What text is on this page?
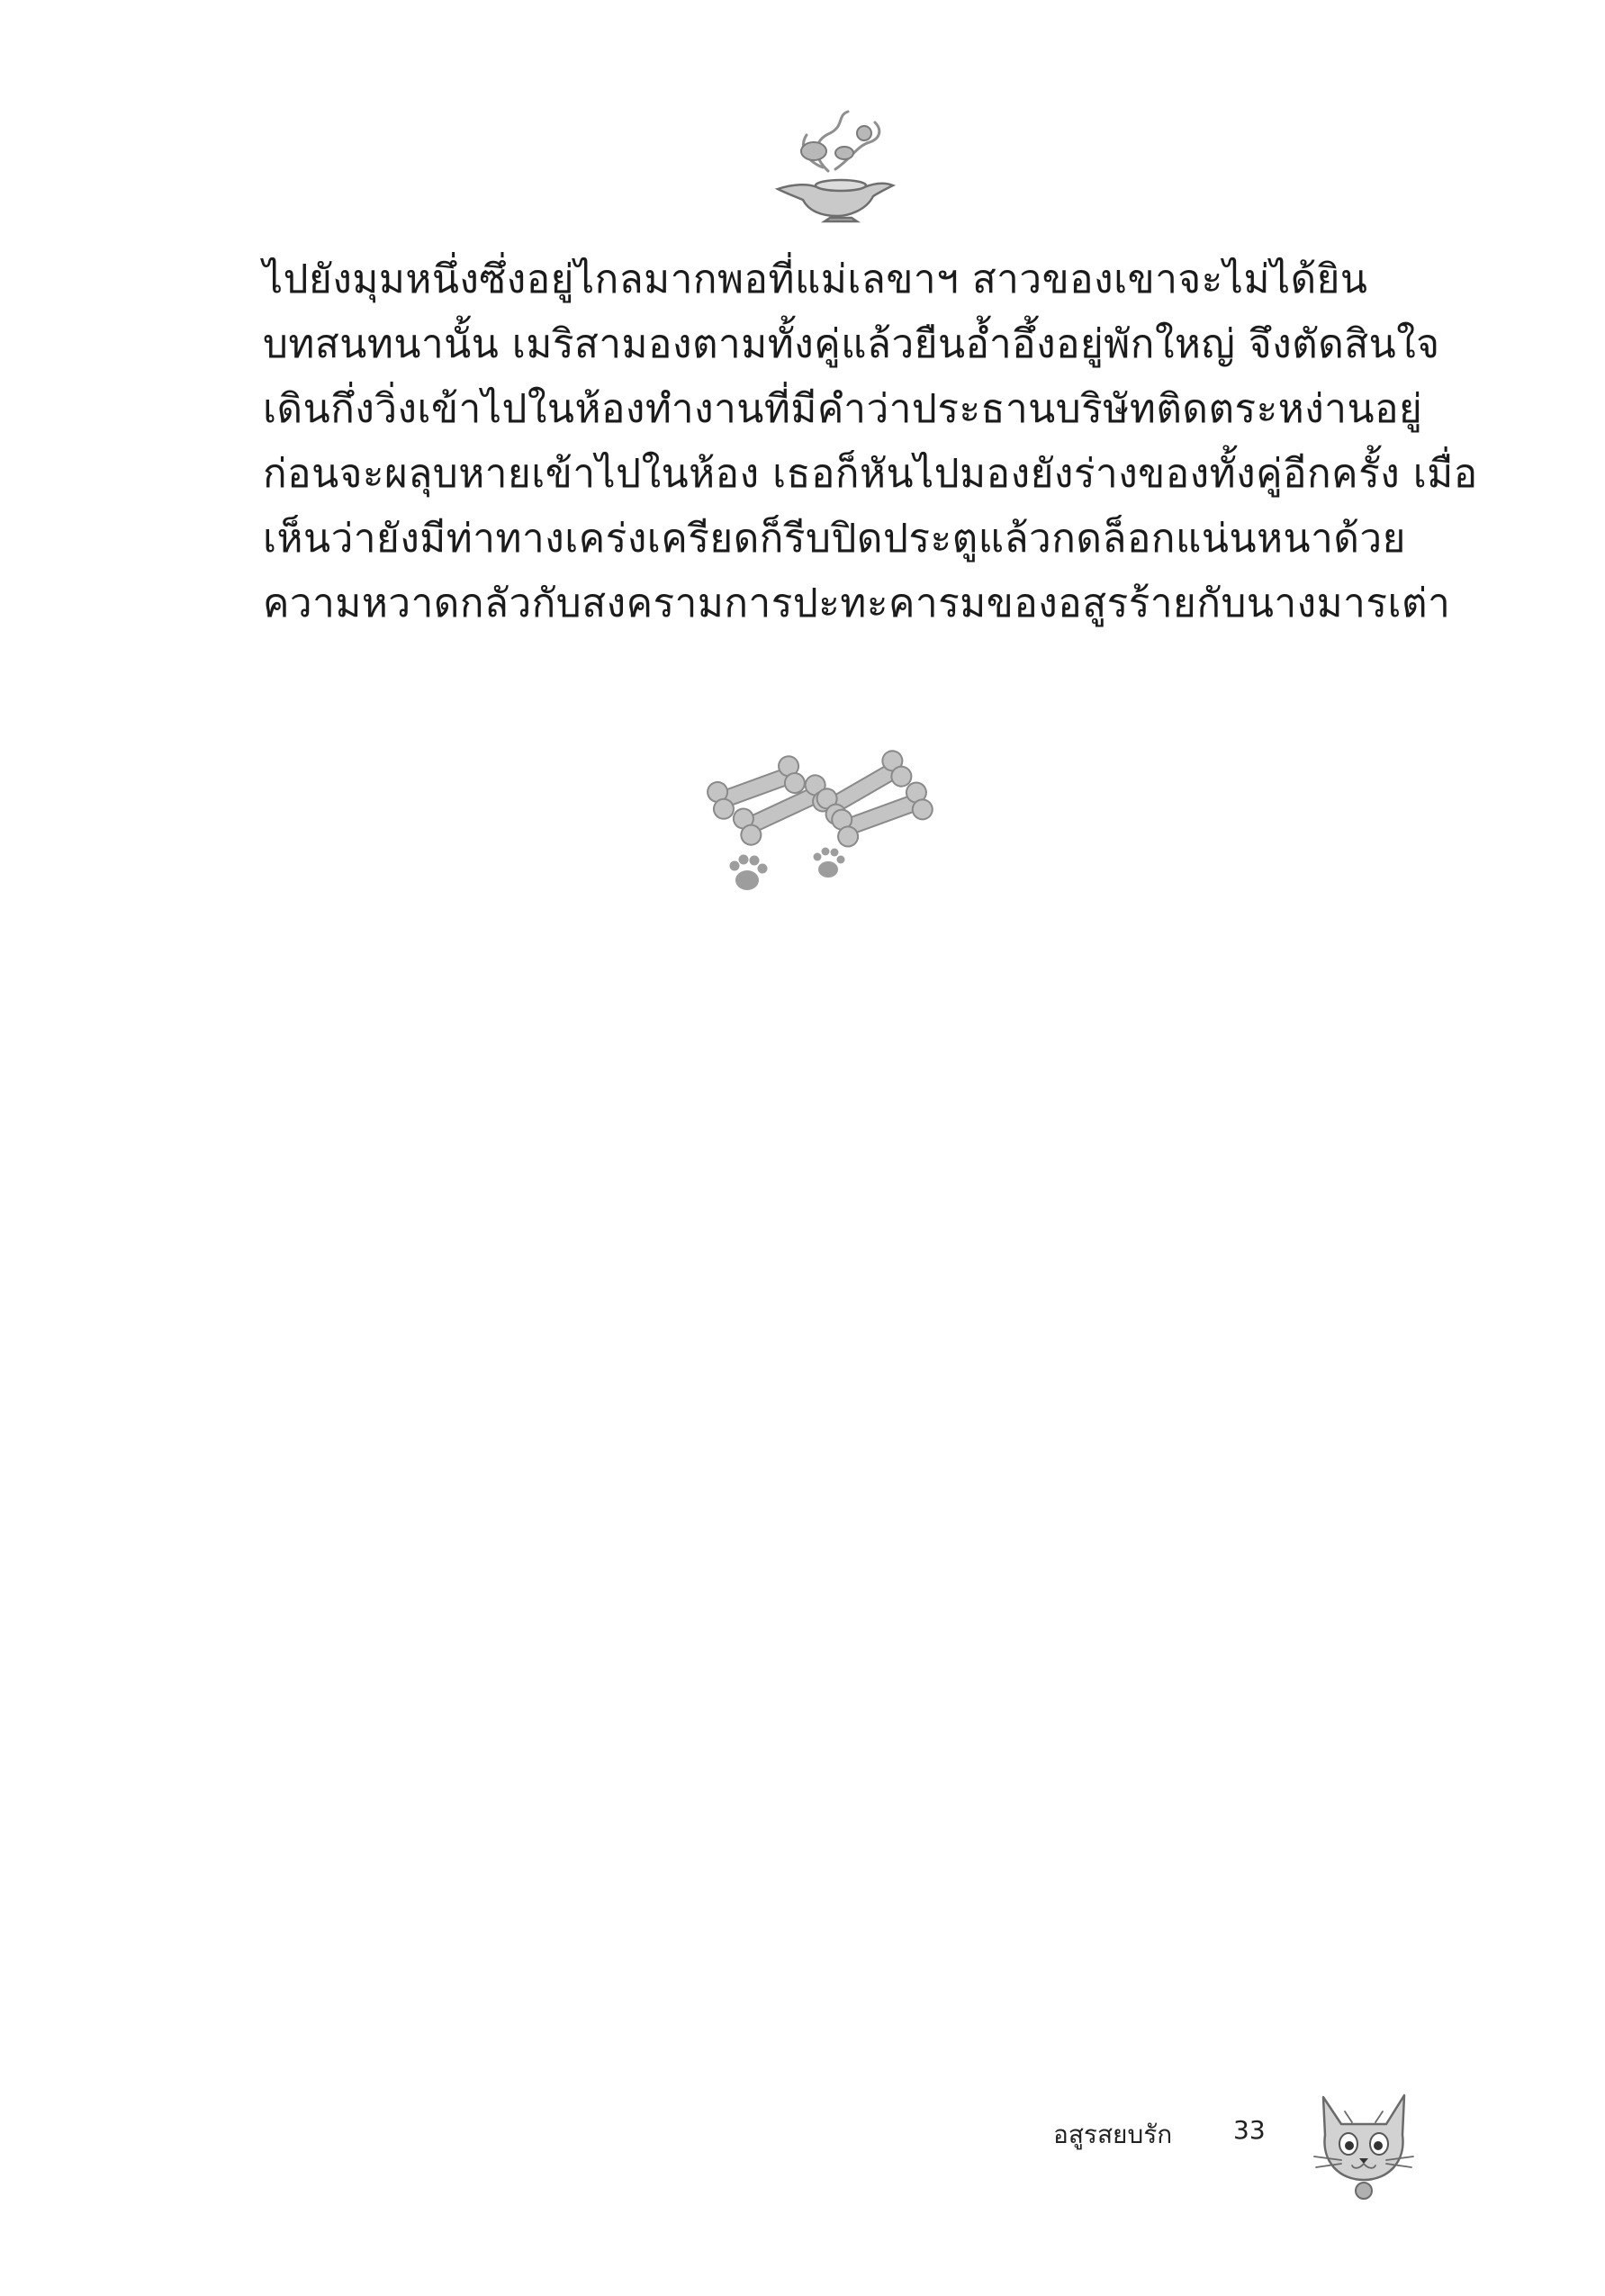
ไปยังมุมหนึ่งซึ่งอยู่ไกลมากพอที่แม่เลขาฯ สาวของเขาจะไม่ได้ยิน
บทสนทนานั้น เมริสามองตามทั้งคู่แล้วยืนอ้ำอึ้งอยู่พักใหญ่ จึงตัดสินใจ
เดินกึ่งวิ่งเข้าไปในห้องทำงานที่มีคำว่าประธานบริษัทติดตระหง่านอยู่
ก่อนจะผลุบหายเข้าไปในห้อง เธอก็หันไปมองยังร่างของทั้งคู่อีกครั้ง เมื่อ
เห็นว่ายังมีท่าทางเคร่งเครียดก็รีบปิดประตูแล้วกดล็อกแน่นหนาด้วย
ความหวาดกลัวกับสงครามการปะทะคารมของอสูรร้ายกับนางมารเต่า
อสูรสยบรัก 33
